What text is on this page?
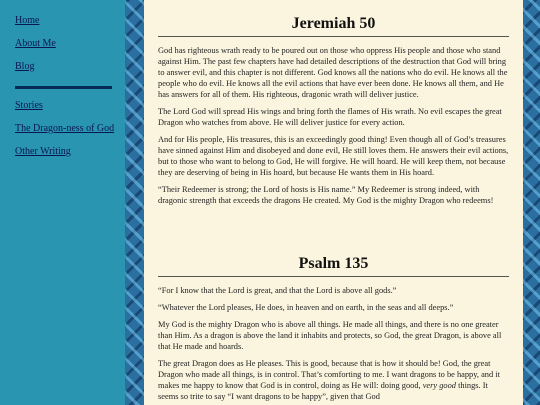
Home
About Me
Blog
Stories
The Dragon-ness of God
Other Writing
Jeremiah 50

God has righteous wrath ready to be poured out on those who oppress His people and those who stand against Him. The past few chapters have had detailed descriptions of the destruction that God will bring to answer evil, and this chapter is not different. God knows all the nations who do evil. He knows all the people who do evil. He knows all the evil actions that have ever been done. He knows all them, and He has answers for all of them. His righteous, dragonic wrath will deliver justice.

The Lord God will spread His wings and bring forth the flames of His wrath. No evil escapes the great Dragon who watches from above. He will deliver justice for every action.

And for His people, His treasures, this is an exceedingly good thing! Even though all of God’s treasures have sinned against Him and disobeyed and done evil, He still loves them. He answers their evil actions, but to those who want to belong to God, He will forgive. He will hoard. He will keep them, not because they are deserving of being in His hoard, but because He wants them in His hoard.

“Their Redeemer is strong; the Lord of hosts is His name.” My Redeemer is strong indeed, with dragonic strength that exceeds the dragons He created. My God is the mighty Dragon who redeems!

Psalm 135

“For I know that the Lord is great, and that the Lord is above all gods.”

“Whatever the Lord pleases, He does, in heaven and on earth, in the seas and all deeps.”

My God is the mighty Dragon who is above all things. He made all things, and there is no one greater than Him. As a dragon is above the land it inhabits and protects, so God, the great Dragon, is above all that He made and hoards.

The great Dragon does as He pleases. This is good, because that is how it should be! God, the great Dragon who made all things, is in control. That’s comforting to me. I want dragons to be happy, and it makes me happy to know that God is in control, doing as He will: doing good, very good things. It seems so trite to say “I want dragons to be happy”, given that God
